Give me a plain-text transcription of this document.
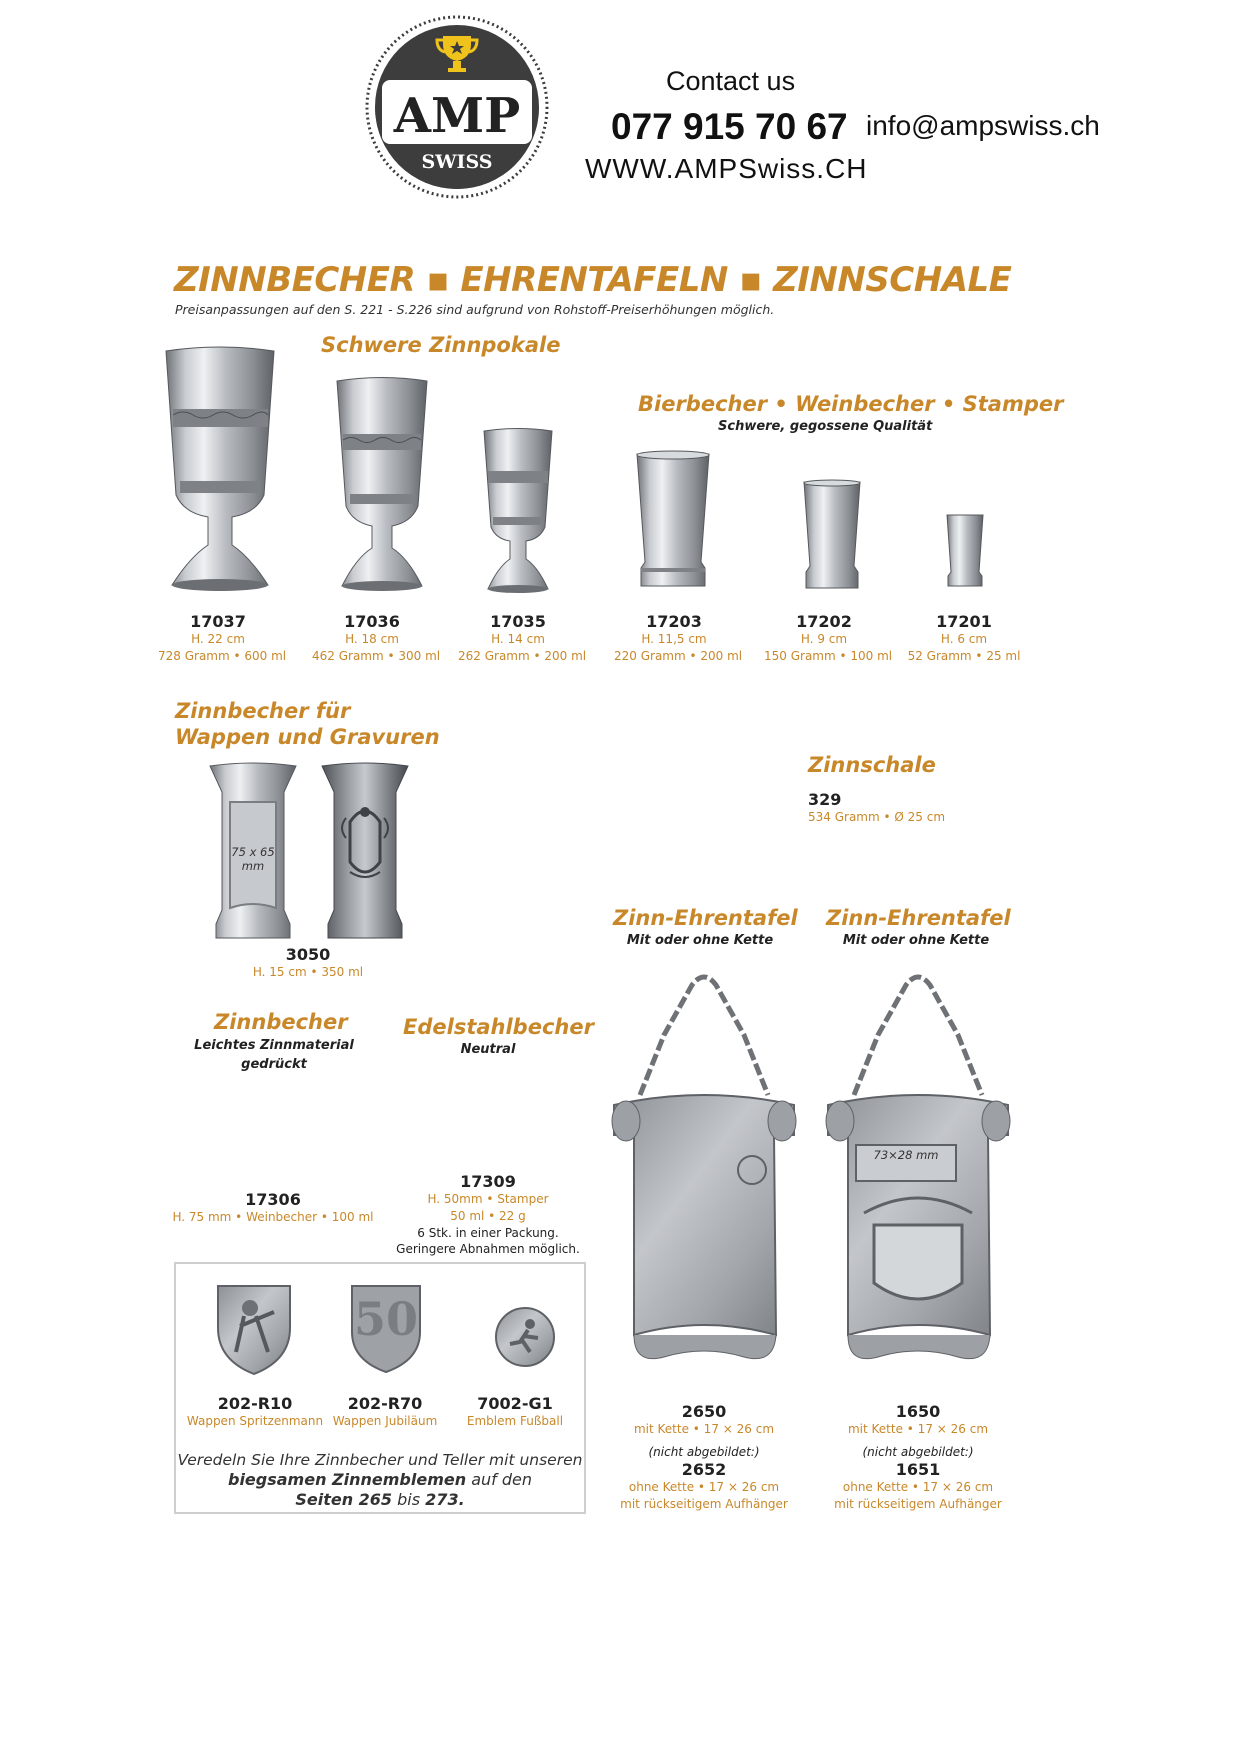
AMP
SWISS
Contact us
077 915 70 67 info@ampswiss.ch
WWW.AMPSwiss.CH
ZINNBECHER ▪ EHRENTAFELN ▪ ZINNSCHALE
Preisanpassungen auf den S. 221 - S.226 sind aufgrund von Rohstoff-Preiserhöhungen möglich.
Schwere Zinnpokale
17037
H. 22 cm
728 Gramm • 600 ml
17036
H. 18 cm
462 Gramm • 300 ml
17035
H. 14 cm
262 Gramm • 200 ml
Bierbecher • Weinbecher • Stamper
Schwere, gegossene Qualität
17203
H. 11,5 cm
220 Gramm • 200 ml
17202
H. 9 cm
150 Gramm • 100 ml
17201
H. 6 cm
52 Gramm • 25 ml
Zinnbecher für
Wappen und Gravuren
75 x 65
mm
3050
H. 15 cm • 350 ml
Zinnschale
329
534 Gramm • Ø 25 cm
Zinnbecher
Leichtes Zinnmaterial
gedrückt
17306
H. 75 mm • Weinbecher • 100 ml
Edelstahlbecher
Neutral
17309
H. 50mm • Stamper
50 ml • 22 g
6 Stk. in einer Packung.
Geringere Abnahmen möglich.
Zinn-Ehrentafel
Mit oder ohne Kette
2650
mit Kette • 17 × 26 cm
(nicht abgebildet:)
2652
ohne Kette • 17 × 26 cm
mit rückseitigem Aufhänger
Zinn-Ehrentafel
Mit oder ohne Kette
73×28 mm
1650
mit Kette • 17 × 26 cm
(nicht abgebildet:)
1651
ohne Kette • 17 × 26 cm
mit rückseitigem Aufhänger
50
202-R10
Wappen Spritzenmann
202-R70
Wappen Jubiläum
7002-G1
Emblem Fußball
Veredeln Sie Ihre Zinnbecher und Teller mit unseren
biegsamen Zinnemblemen auf den
Seiten 265 bis 273.
